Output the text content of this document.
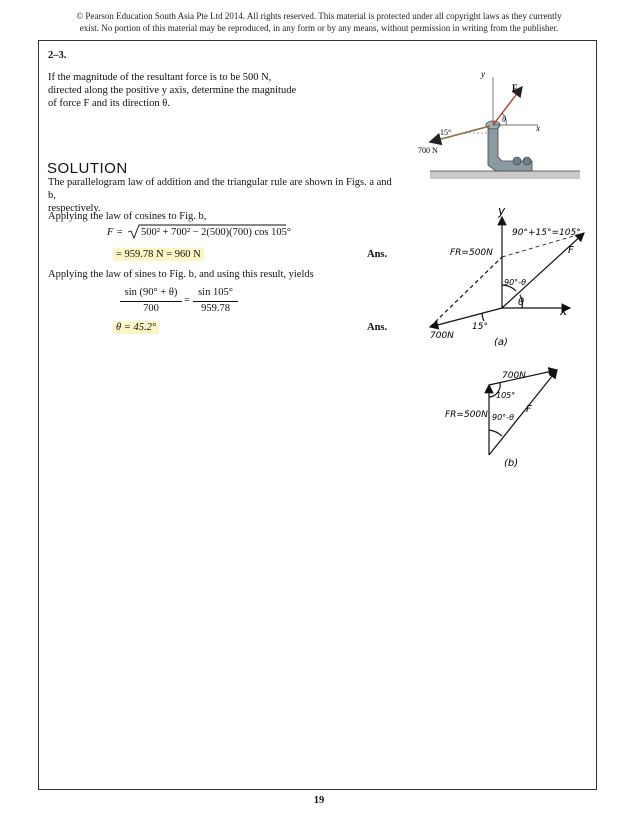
© Pearson Education South Asia Pte Ltd 2014. All rights reserved. This material is protected under all copyright laws as they currently
exist. No portion of this material may be reproduced, in any form or by any means, without permission in writing from the publisher.
2–3.
If the magnitude of the resultant force is to be 500 N,
directed along the positive y axis, determine the magnitude
of force F and its direction θ.
y
x
F
θ
15°
700 N
SOLUTION
The parallelogram law of addition and the triangular rule are shown in Figs. a and b,
respectively.
Applying the law of cosines to Fig. b,
F = 500² + 700² − 2(500)(700) cos 105°
= 959.78 N = 960 N	Ans.
Applying the law of sines to Fig. b, and using this result, yields
sin (90° + θ)
700
=
sin 105°
959.78
θ = 45.2°	Ans.
y
90°+15°=105°
FR=500N	F
90°-θ
θ
x
15°
700N
(a)
700N
105°
FR=500N 90°-θ
F
(b)
19
